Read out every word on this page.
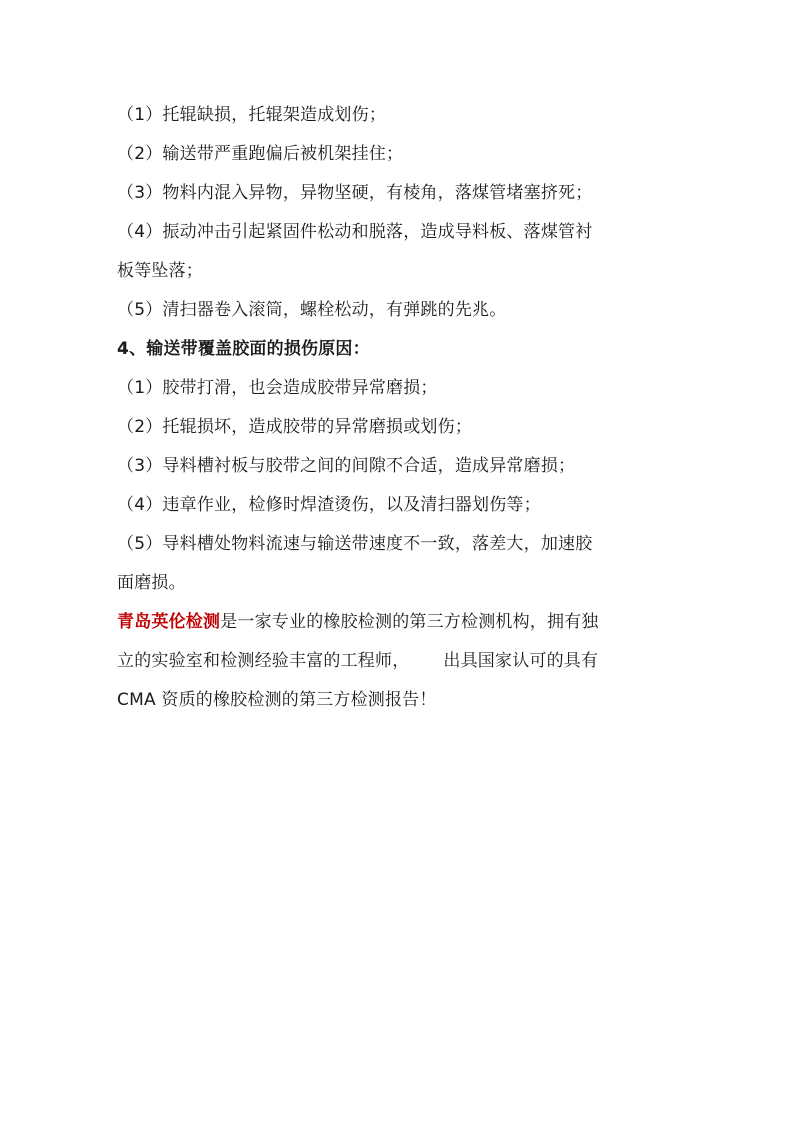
（1）托辊缺损，托辊架造成划伤；

（2）输送带严重跑偏后被机架挂住；

（3）物料内混入异物，异物坚硬，有棱角，落煤管堵塞挤死；

（4）振动冲击引起紧固件松动和脱落，造成导料板、落煤管衬

板等坠落；

（5）清扫器卷入滚筒，螺栓松动，有弹跳的先兆。

4、输送带覆盖胶面的损伤原因：

（1）胶带打滑，也会造成胶带异常磨损；

（2）托辊损坏，造成胶带的异常磨损或划伤；

（3）导料槽衬板与胶带之间的间隙不合适，造成异常磨损；

（4）违章作业，检修时焊渣烫伤，以及清扫器划伤等；

（5）导料槽处物料流速与输送带速度不一致，落差大，加速胶

面磨损。

青岛英伦检测是一家专业的橡胶检测的第三方检测机构，拥有独

立的实验室和检测经验丰富的工程师， 出具国家认可的具有

CMA 资质的橡胶检测的第三方检测报告！
